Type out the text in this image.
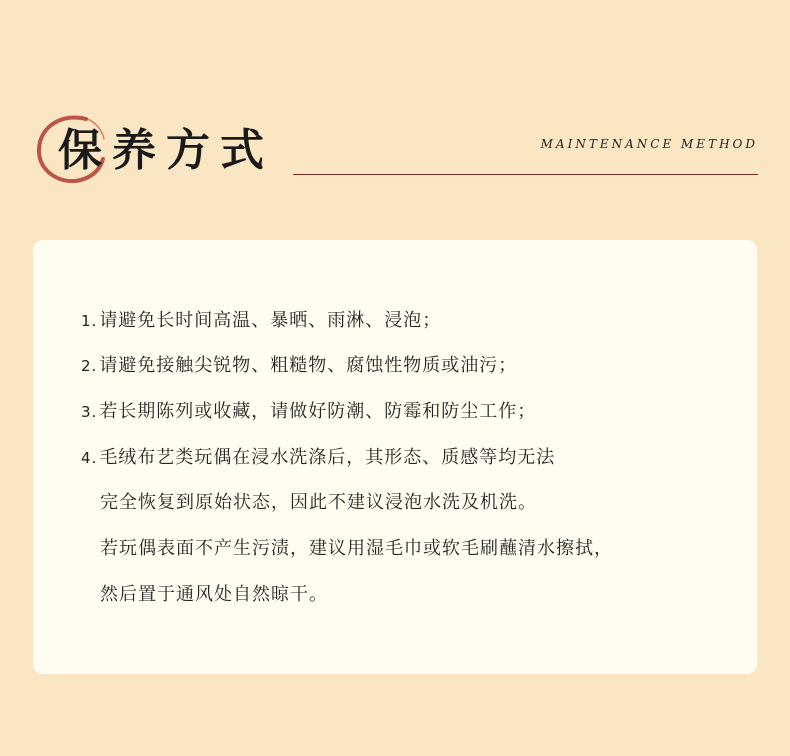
保养方式	MAINTENANCE METHOD
1. 请避免长时间高温、暴晒、雨淋、浸泡；
2. 请避免接触尖锐物、粗糙物、腐蚀性物质或油污；
3. 若长期陈列或收藏，请做好防潮、防霉和防尘工作；
4. 毛绒布艺类玩偶在浸水洗涤后，其形态、质感等均无法
完全恢复到原始状态，因此不建议浸泡水洗及机洗。
若玩偶表面不产生污渍，建议用湿毛巾或软毛刷蘸清水擦拭，
然后置于通风处自然晾干。
